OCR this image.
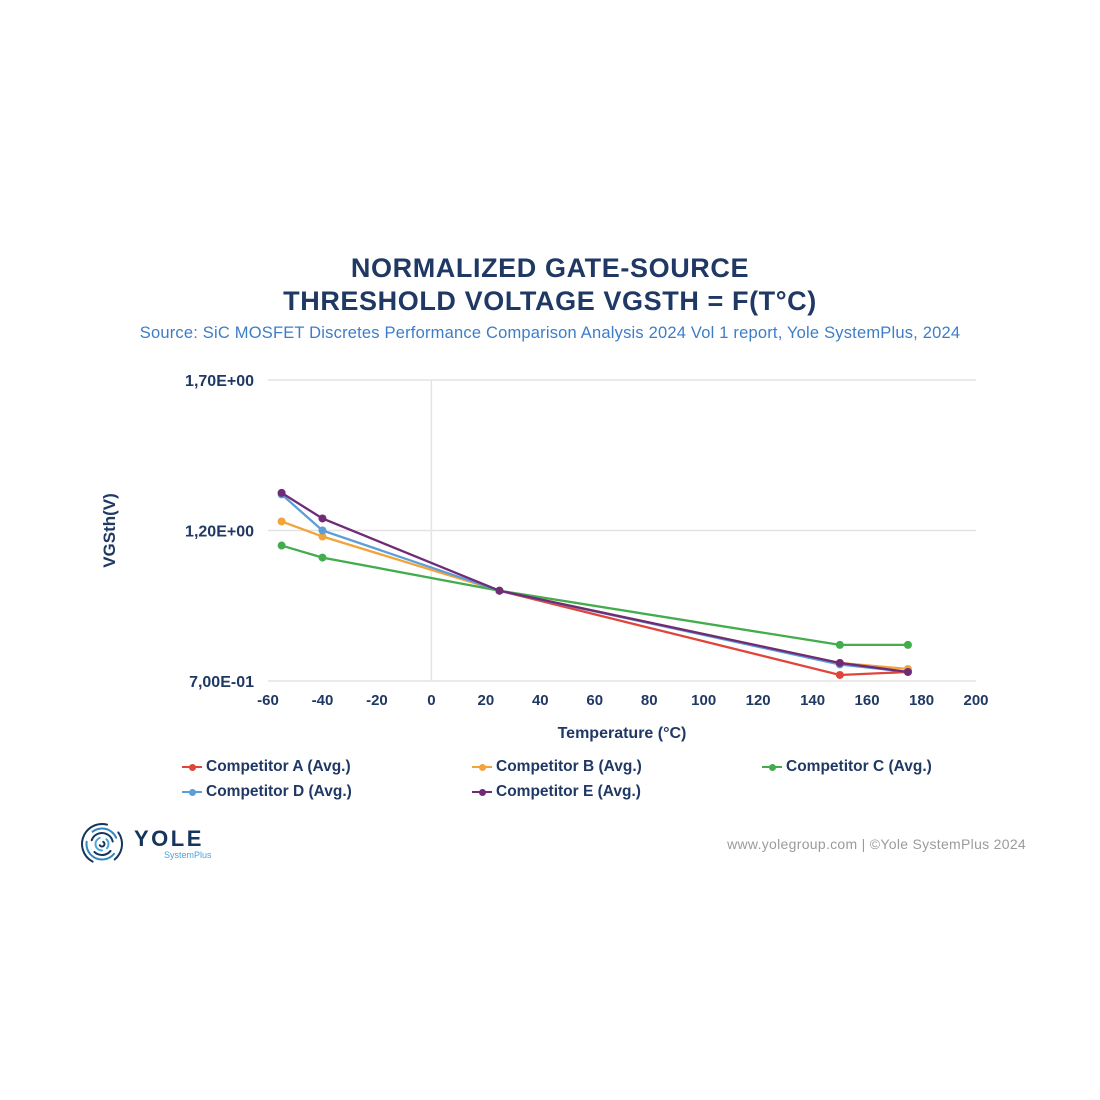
NORMALIZED GATE-SOURCE
THRESHOLD VOLTAGE VGSTH = F(T°C)
Source: SiC MOSFET Discretes Performance Comparison Analysis 2024 Vol 1 report, Yole SystemPlus, 2024
-60 -40 -20	0	20	40	60	80 100 120 140 160 180 200
7,00E-01
1,20E+00
1,70E+00
Temperature (°C)
VGSth(V)
Competitor A (Avg.)	Competitor B (Avg.)	Competitor C (Avg.)
Competitor D (Avg.)	Competitor E (Avg.)
YOLE
SystemPlus
www.yolegroup.com | ©Yole SystemPlus 2024
